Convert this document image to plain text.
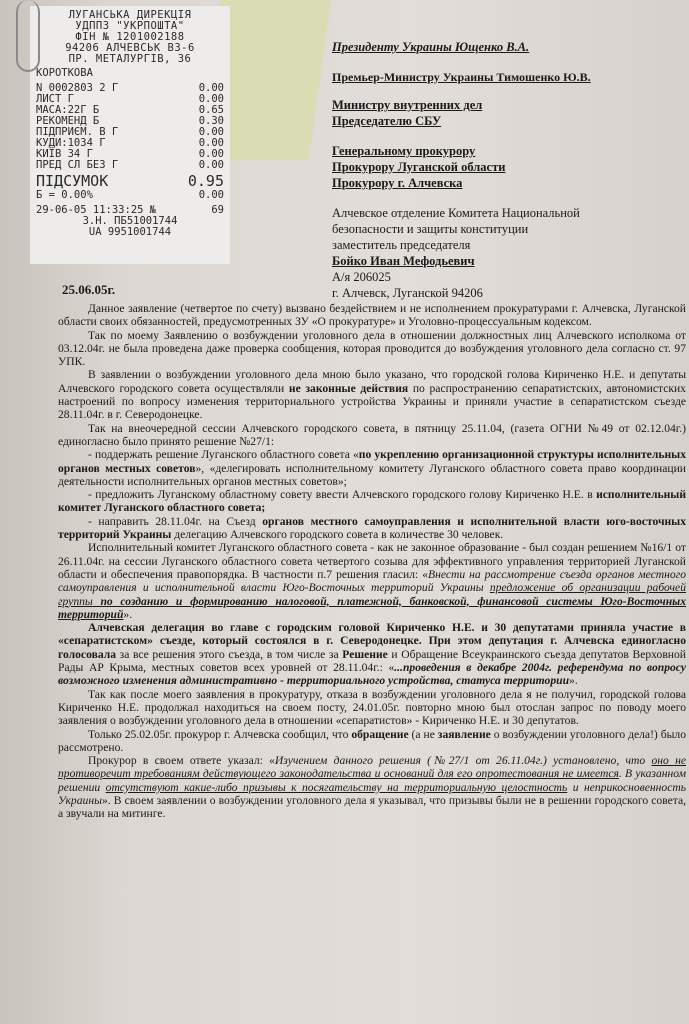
ЛУГАНСЬКА ДИРЕКЦІЯ
УДППЗ "УКРПОШТА"
ФІН № 1201002188
94206 АЛЧЕВСЬК ВЗ-6
ПР. МЕТАЛУРГІВ, 36
КОРОТКОВА
N 0002803 2 Г	0.00
ЛИСТ Г	0.00
МАСА:22Г Б	0.65
РЕКОМЕНД Б	0.30
ПІДПРИЄМ. В Г	0.00
КУДИ:1034 Г	0.00
КИЇВ 34 Г	0.00
ПРЕД СЛ БЕЗ Г	0.00
ПІДСУМОК	0.95
Б = 0.00%	0.00
29-06-05 11:33:25 №	69
З.Н. ПБ51001744
UA 9951001744
Президенту Украины Ющенко В.А.
Премьер-Министру Украины Тимошенко Ю.В.
Министру внутренних дел
Председателю СБУ
Генеральному прокурору
Прокурору Луганской области
Прокурору г. Алчевска
Алчевское отделение Комитета Национальной
безопасности и защиты конституции
заместитель председателя
Бойко Иван Мефодьевич
А/я 206025
г. Алчевск, Луганской 94206
25.06.05г.

Данное заявление (четвертое по счету) вызвано бездействием и не исполнением прокуратурами г. Алчевска, Луганской области своих обязанностей, предусмотренных ЗУ «О прокуратуре» и Уголовно-процессуальным кодексом.

Так по моему Заявлению о возбуждении уголовного дела в отношении должностных лиц Алчевского исполкома от 03.12.04г. не была проведена даже проверка сообщения, которая проводится до возбуждения уголовного дела согласно ст. 97 УПК.

В заявлении о возбуждении уголовного дела мною было указано, что городской голова Кириченко Н.Е. и депутаты Алчевского городского совета осуществляли не законные действия по распространению сепаратистских, автономистских настроений по вопросу изменения территориального устройства Украины и приняли участие в сепаратистском съезде 28.11.04г. в г. Северодонецке.

Так на внеочередной сессии Алчевского городского совета, в пятницу 25.11.04, (газета ОГНИ №49 от 02.12.04г.) единогласно было принято решение №27/1:

- поддержать решение Луганского областного совета «по укреплению организационной структуры исполнительных органов местных советов», «делегировать исполнительному комитету Луганского областного совета право координации деятельности исполнительных органов местных советов»;

- предложить Луганскому областному совету ввести Алчевского городского голову Кириченко Н.Е. в исполнительный комитет Луганского областного совета;

- направить 28.11.04г. на Съезд органов местного самоуправления и исполнительной власти юго-восточных территорий Украины делегацию Алчевского городского совета в количестве 30 человек.

Исполнительный комитет Луганского областного совета - как не законное образование - был создан решением №16/1 от 26.11.04г. на сессии Луганского областного совета четвертого созыва для эффективного управления территорией Луганской области и обеспечения правопорядка. В частности п.7 решения гласил: «Внести на рассмотрение съезда органов местного самоуправления и исполнительной власти Юго-Восточных территорий Украины предложение об организации рабочей группы по созданию и формированию налоговой, платежной, банковской, финансовой системы Юго-Восточных территорий».

Алчевская делегация во главе с городским головой Кириченко Н.Е. и 30 депутатами приняла участие в «сепаратистском» съезде, который состоялся в г. Северодонецке. При этом депутация г. Алчевска единогласно голосовала за все решения этого съезда, в том числе за Решение и Обращение Всеукраинского съезда депутатов Верховной Рады АР Крыма, местных советов всех уровней от 28.11.04г.: «...проведения в декабре 2004г. референдума по вопросу возможного изменения административно - территориального устройства, статуса территории».

Так как после моего заявления в прокуратуру, отказа в возбуждении уголовного дела я не получил, городской голова Кириченко Н.Е. продолжал находиться на своем посту, 24.01.05г. повторно мною был отослан запрос по поводу моего заявления о возбуждении уголовного дела в отношении «сепаратистов» - Кириченко Н.Е. и 30 депутатов.

Только 25.02.05г. прокурор г. Алчевска сообщил, что обращение (а не заявление о возбуждении уголовного дела!) было рассмотрено.

Прокурор в своем ответе указал: «Изучением данного решения (№27/1 от 26.11.04г.) установлено, что оно не противоречит требованиям действующего законодательства и оснований для его опротестования не имеется. В указанном решении отсутствуют какие-либо призывы к посягательству на территориальную целостность и неприкосновенность Украины». В своем заявлении о возбуждении уголовного дела я указывал, что призывы были не в решении городского совета, а звучали на митинге.
